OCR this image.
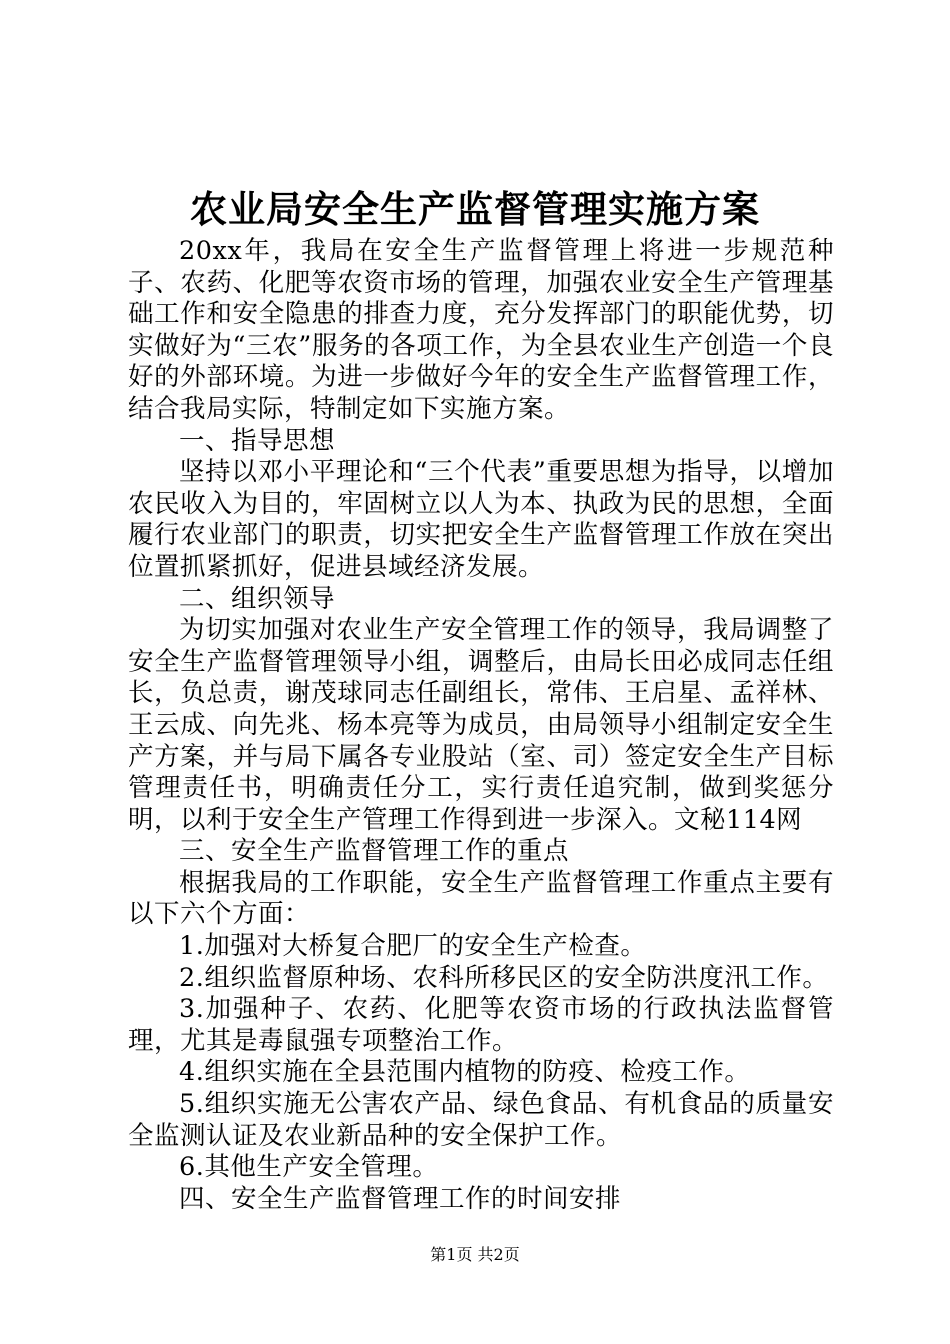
农业局安全生产监督管理实施方案

20xx年，我局在安全生产监督管理上将进一步规范种子、农药、化肥等农资市场的管理，加强农业安全生产管理基础工作和安全隐患的排查力度，充分发挥部门的职能优势，切实做好为“三农”服务的各项工作，为全县农业生产创造一个良好的外部环境。为进一步做好今年的安全生产监督管理工作，结合我局实际，特制定如下实施方案。

一、指导思想

坚持以邓小平理论和“三个代表”重要思想为指导，以增加农民收入为目的，牢固树立以人为本、执政为民的思想，全面履行农业部门的职责，切实把安全生产监督管理工作放在突出位置抓紧抓好，促进县域经济发展。

二、组织领导

为切实加强对农业生产安全管理工作的领导，我局调整了安全生产监督管理领导小组，调整后，由局长田必成同志任组长，负总责，谢茂球同志任副组长，常伟、王启星、孟祥林、王云成、向先兆、杨本亮等为成员，由局领导小组制定安全生产方案，并与局下属各专业股站（室、司）签定安全生产目标管理责任书，明确责任分工，实行责任追究制，做到奖惩分明，以利于安全生产管理工作得到进一步深入。文秘114网

三、安全生产监督管理工作的重点

根据我局的工作职能，安全生产监督管理工作重点主要有以下六个方面：

1.加强对大桥复合肥厂的安全生产检查。

2.组织监督原种场、农科所移民区的安全防洪度汛工作。

3.加强种子、农药、化肥等农资市场的行政执法监督管理，尤其是毒鼠强专项整治工作。

4.组织实施在全县范围内植物的防疫、检疫工作。

5.组织实施无公害农产品、绿色食品、有机食品的质量安全监测认证及农业新品种的安全保护工作。

6.其他生产安全管理。

四、安全生产监督管理工作的时间安排

第1页 共2页
